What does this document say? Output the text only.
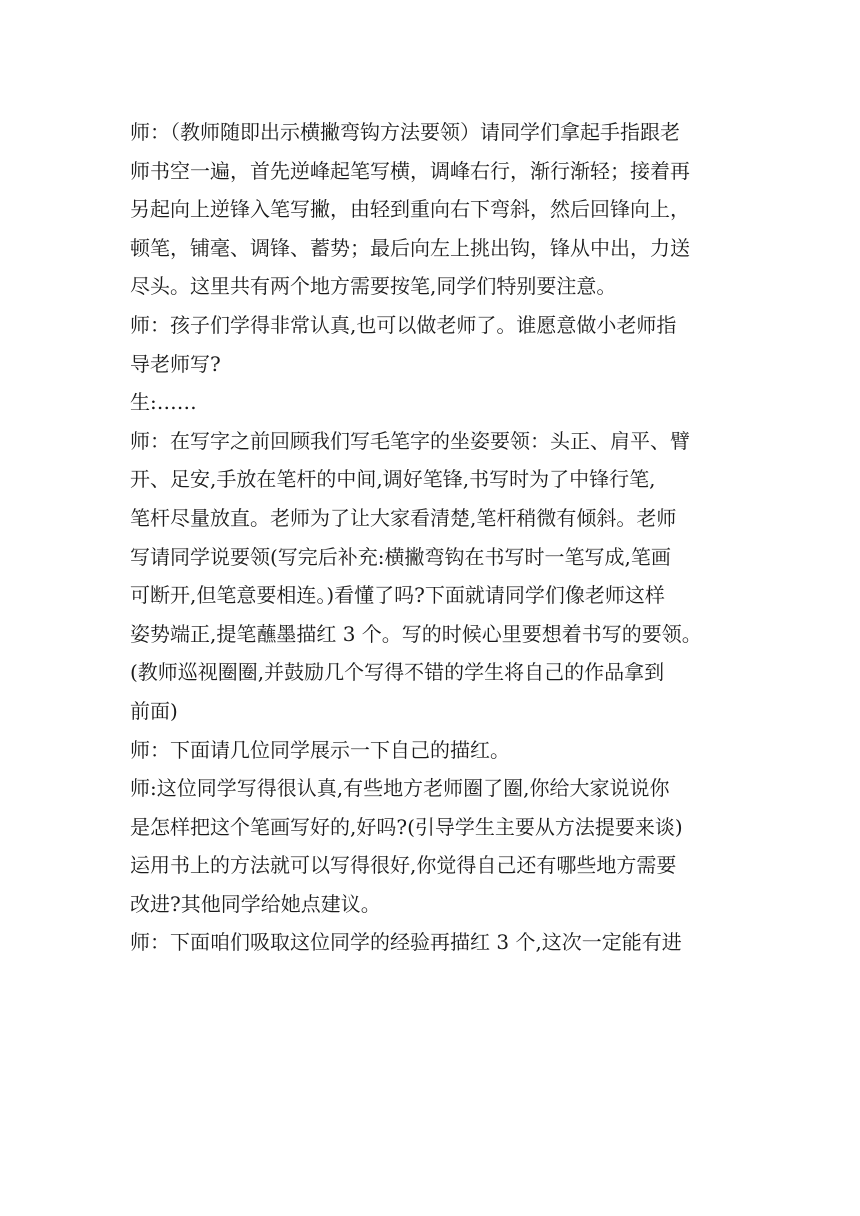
师：（教师随即出示横撇弯钩方法要领）请同学们拿起手指跟老
师书空一遍，首先逆峰起笔写横，调峰右行，渐行渐轻；接着再
另起向上逆锋入笔写撇，由轻到重向右下弯斜，然后回锋向上，
顿笔，铺毫、调锋、蓄势；最后向左上挑出钩，锋从中出，力送
尽头。这里共有两个地方需要按笔,同学们特别要注意。
师：孩子们学得非常认真,也可以做老师了。谁愿意做小老师指
导老师写?
生:……
师：在写字之前回顾我们写毛笔字的坐姿要领：头正、肩平、臂
开、足安,手放在笔杆的中间,调好笔锋,书写时为了中锋行笔,
笔杆尽量放直。老师为了让大家看清楚,笔杆稍微有倾斜。老师
写请同学说要领(写完后补充:横撇弯钩在书写时一笔写成,笔画
可断开,但笔意要相连。)看懂了吗?下面就请同学们像老师这样
姿势端正,提笔蘸墨描红 3 个。写的时候心里要想着书写的要领。
(教师巡视圈圈,并鼓励几个写得不错的学生将自己的作品拿到
前面)
师：下面请几位同学展示一下自己的描红。
师:这位同学写得很认真,有些地方老师圈了圈,你给大家说说你
是怎样把这个笔画写好的,好吗?(引导学生主要从方法提要来谈)
运用书上的方法就可以写得很好,你觉得自己还有哪些地方需要
改进?其他同学给她点建议。
师：下面咱们吸取这位同学的经验再描红 3 个,这次一定能有进
